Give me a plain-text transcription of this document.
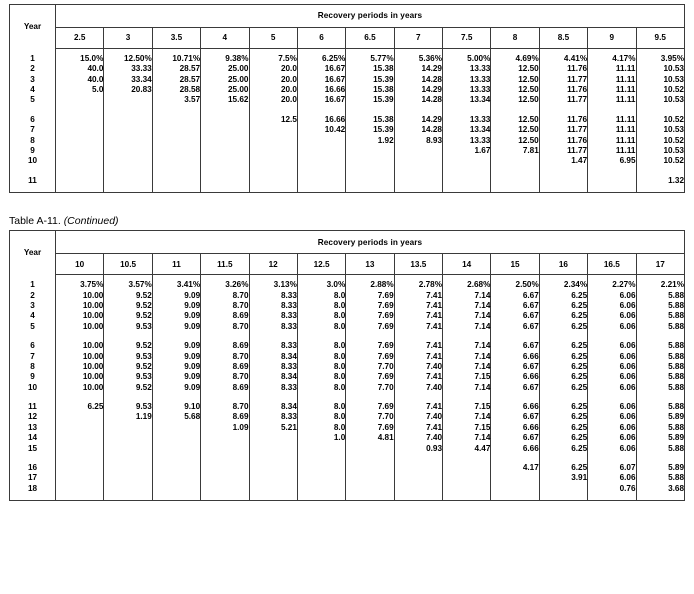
Year	Recovery periods in years												
	2.5	3	3.5	4	5	6	6.5	7	7.5	8	8.5	9	9.5

1	15.0%	12.50%	10.71%	9.38%	7.5%	6.25%	5.77%	5.36%	5.00%	4.69%	4.41%	4.17%	3.95%
2	40.0	33.33	28.57	25.00	20.0	16.67	15.38	14.29	13.33	12.50	11.76	11.11	10.53
3	40.0	33.34	28.57	25.00	20.0	16.67	15.39	14.28	13.33	12.50	11.77	11.11	10.53
4	5.0	20.83	28.58	25.00	20.0	16.66	15.38	14.29	13.33	12.50	11.76	11.11	10.52
5			3.57	15.62	20.0	16.67	15.39	14.28	13.34	12.50	11.77	11.11	10.53

6					12.5	16.66	15.38	14.29	13.33	12.50	11.76	11.11	10.52
7						10.42	15.39	14.28	13.34	12.50	11.77	11.11	10.53
8							1.92	8.93	13.33	12.50	11.76	11.11	10.52
9									1.67	7.81	11.77	11.11	10.53
10											1.47	6.95	10.52

11													1.32

Table A-11. (Continued)
Year	Recovery periods in years												
	10	10.5	11	11.5	12	12.5	13	13.5	14	15	16	16.5	17

1	3.75%	3.57%	3.41%	3.26%	3.13%	3.0%	2.88%	2.78%	2.68%	2.50%	2.34%	2.27%	2.21%
2	10.00	9.52	9.09	8.70	8.33	8.0	7.69	7.41	7.14	6.67	6.25	6.06	5.88
3	10.00	9.52	9.09	8.70	8.33	8.0	7.69	7.41	7.14	6.67	6.25	6.06	5.88
4	10.00	9.52	9.09	8.69	8.33	8.0	7.69	7.41	7.14	6.67	6.25	6.06	5.88
5	10.00	9.53	9.09	8.70	8.33	8.0	7.69	7.41	7.14	6.67	6.25	6.06	5.88

6	10.00	9.52	9.09	8.69	8.33	8.0	7.69	7.41	7.14	6.67	6.25	6.06	5.88
7	10.00	9.53	9.09	8.70	8.34	8.0	7.69	7.41	7.14	6.66	6.25	6.06	5.88
8	10.00	9.52	9.09	8.69	8.33	8.0	7.70	7.40	7.14	6.67	6.25	6.06	5.88
9	10.00	9.53	9.09	8.70	8.34	8.0	7.69	7.41	7.15	6.66	6.25	6.06	5.88
10	10.00	9.52	9.09	8.69	8.33	8.0	7.70	7.40	7.14	6.67	6.25	6.06	5.88

11	6.25	9.53	9.10	8.70	8.34	8.0	7.69	7.41	7.15	6.66	6.25	6.06	5.88
12		1.19	5.68	8.69	8.33	8.0	7.70	7.40	7.14	6.67	6.25	6.06	5.89
13				1.09	5.21	8.0	7.69	7.41	7.15	6.66	6.25	6.06	5.88
14						1.0	4.81	7.40	7.14	6.67	6.25	6.06	5.89
15								0.93	4.47	6.66	6.25	6.06	5.88

16										4.17	6.25	6.07	5.89
17											3.91	6.06	5.88
18												0.76	3.68
